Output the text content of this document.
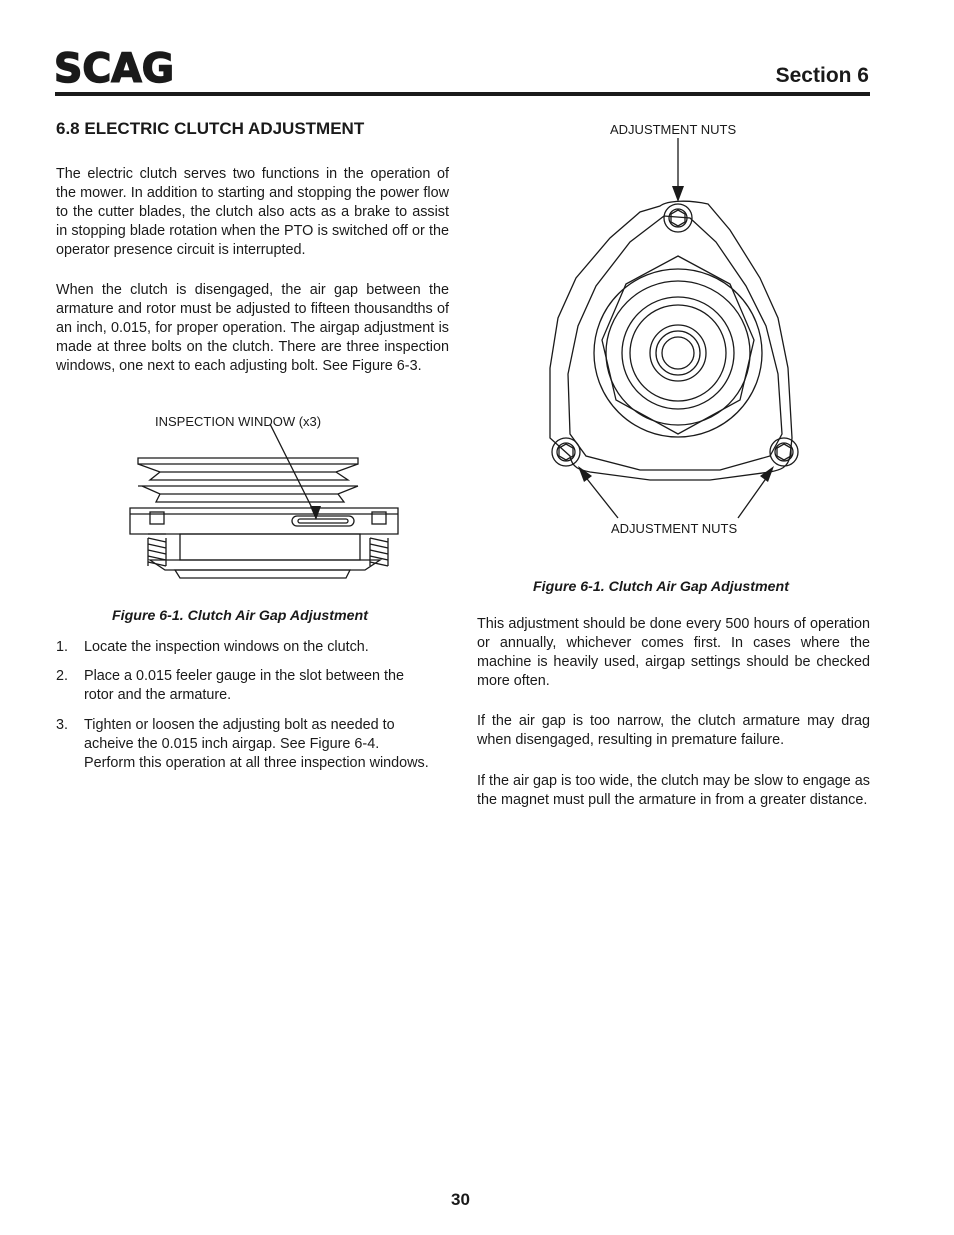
SCAG	Section 6
6.8 ELECTRIC CLUTCH ADJUSTMENT
The electric clutch serves two functions in the operation of the mower. In addition to starting and stopping the power flow to the cutter blades, the clutch also acts as a brake to assist in stopping blade rotation when the PTO is switched off or the operator presence circuit is interrupted.
When the clutch is disengaged, the air gap between the armature and rotor must be adjusted to fifteen thousandths of an inch, 0.015, for proper operation. The airgap adjustment is made at three bolts on the clutch. There are three inspection windows, one next to each adjusting bolt. See Figure 6-3.
INSPECTION WINDOW (x3)
Figure 6-1. Clutch Air Gap Adjustment
1. Locate the inspection windows on the clutch.
2. Place a 0.015 feeler gauge in the slot between the rotor and the armature.
3. Tighten or loosen the adjusting bolt as needed to acheive the 0.015 inch airgap. See Figure 6-4. Perform this operation at all three inspection windows.
ADJUSTMENT NUTS
ADJUSTMENT NUTS
Figure 6-1. Clutch Air Gap Adjustment
This adjustment should be done every 500 hours of operation or annually, whichever comes first. In cases where the machine is heavily used, airgap settings should be checked more often.
If the air gap is too narrow, the clutch armature may drag when disengaged, resulting in premature failure.
If the air gap is too wide, the clutch may be slow to engage as the magnet must pull the armature in from a greater distance.
30
